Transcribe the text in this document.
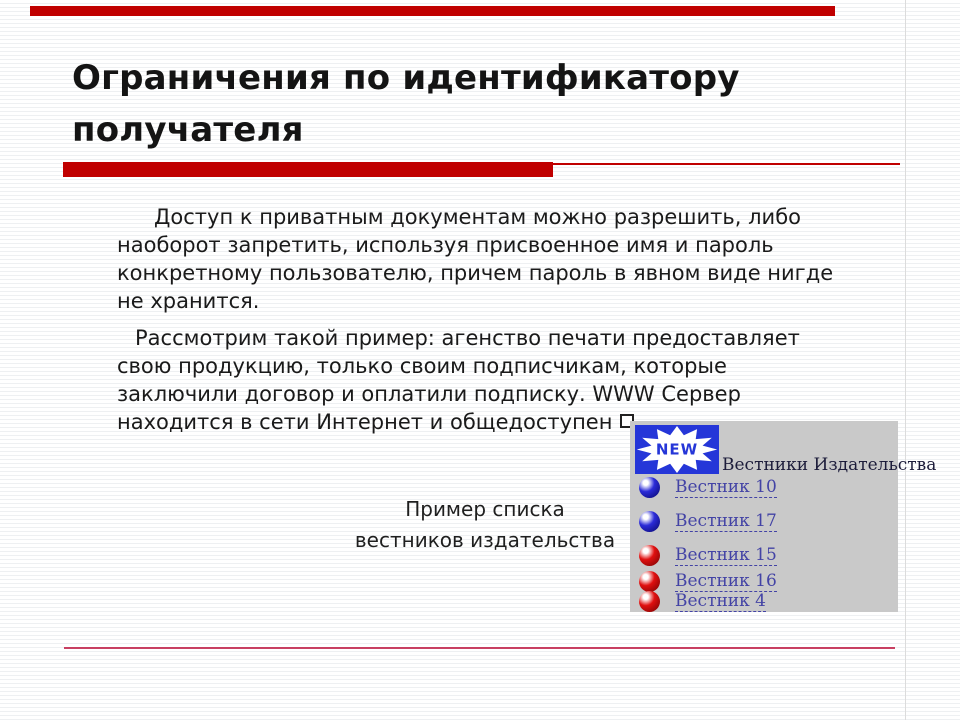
Ограничения по идентификатору
получателя
Доступ к приватным документам можно разрешить, либо
наоборот запретить, используя присвоенное имя и пароль
конкретному пользователю, причем пароль в явном виде нигде
не хранится.
Рассмотрим такой пример: агенство печати предоставляет
свою продукцию, только своим подписчикам, которые
заключили договор и оплатили подписку. WWW Сервер
находится в сети Интернет и общедоступен
Пример списка
вестников издательства
NEW
Вестники Издательства
Вестник 10
Вестник 17
Вестник 15
Вестник 16
Вестник 4
